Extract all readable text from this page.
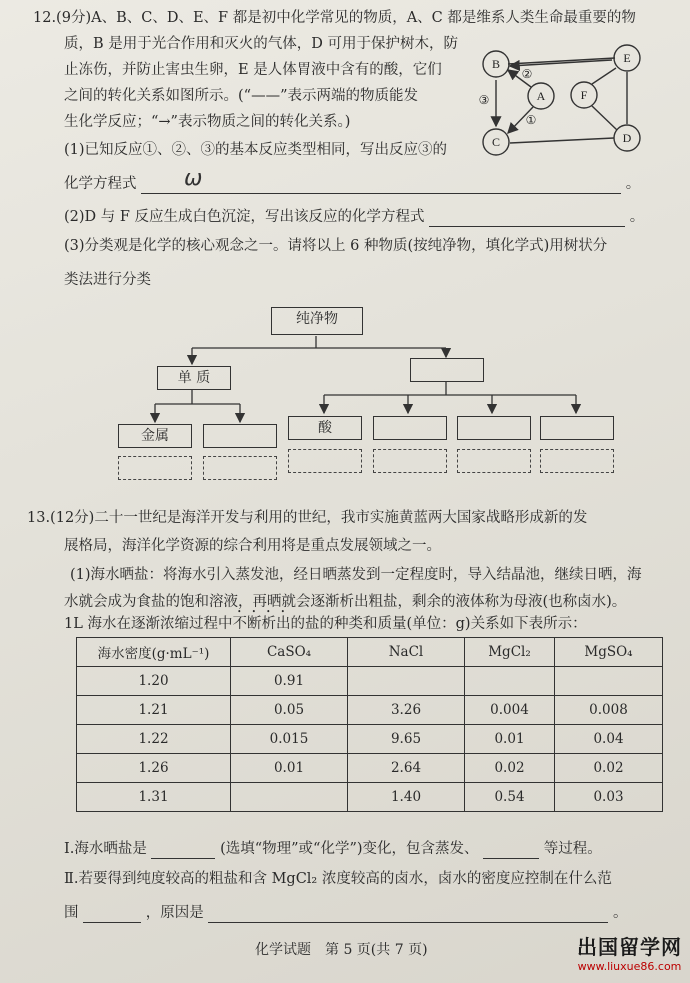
12.(9分)A、B、C、D、E、F 都是初中化学常见的物质，A、C 都是维系人类生命最重要的物
质，B 是用于光合作用和灭火的气体，D 可用于保护树木，防
止冻伤，并防止害虫生卵，E 是人体胃液中含有的酸，它们
之间的转化关系如图所示。(“——”表示两端的物质能发
生化学反应；“→”表示物质之间的转化关系。)
(1)已知反应①、②、③的基本反应类型相同，写出反应③的
化学方程式	。
ω
(2)D 与 F 反应生成白色沉淀，写出该反应的化学方程式	。
(3)分类观是化学的核心观念之一。请将以上 6 种物质(按纯净物，填化学式)用树状分
类法进行分类
B	E
A	F
C	D
②
③
①
纯净物
单 质
金属	酸
13.(12分)二十一世纪是海洋开发与利用的世纪，我市实施黄蓝两大国家战略形成新的发
展格局，海洋化学资源的综合利用将是重点发展领域之一。
(1)海水晒盐：将海水引入蒸发池，经日晒蒸发到一定程度时，导入结晶池，继续日晒，海
水就会成为食盐的饱和溶液，再晒就会逐渐析出粗盐，剩余的液体称为母液(也称卤水)。
1L 海水在逐渐浓缩过程中不断析出的盐的种类和质量(单位：g)关系如下表所示：
海水密度(g·mL⁻¹)	CaSO₄	NaCl	MgCl₂	MgSO₄
1.20	0.91			
1.21	0.05	3.26	0.004	0.008
1.22	0.015	9.65	0.01	0.04
1.26	0.01	2.64	0.02	0.02
1.31		1.40	0.54	0.03
Ⅰ.海水晒盐是	(选填“物理”或“化学”)变化，包含蒸发、	等过程。
Ⅱ.若要得到纯度较高的粗盐和含 MgCl₂ 浓度较高的卤水，卤水的密度应控制在什么范
围	，原因是	。
化学试题　第 5 页(共 7 页)	出国留学网
www.liuxue86.com
